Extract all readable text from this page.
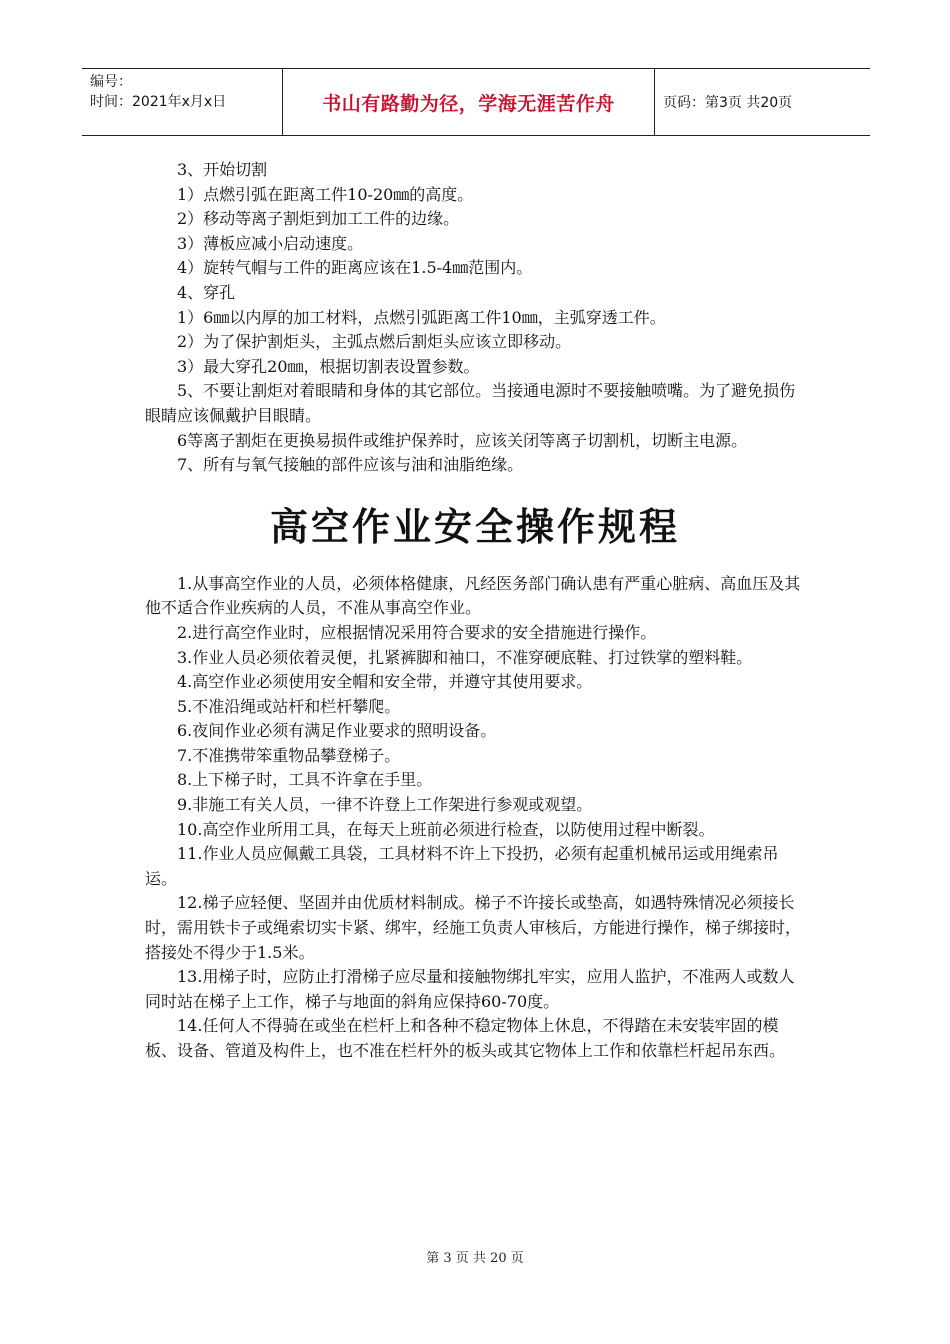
编号：
时间：2021年x月x日	书山有路勤为径，学海无涯苦作舟	页码：第3页 共20页

3、开始切割

1）点燃引弧在距离工件10-20㎜的高度。

2）移动等离子割炬到加工工件的边缘。

3）薄板应减小启动速度。

4）旋转气帽与工件的距离应该在1.5-4㎜范围内。

4、穿孔

1）6㎜以内厚的加工材料，点燃引弧距离工件10㎜，主弧穿透工件。

2）为了保护割炬头，主弧点燃后割炬头应该立即移动。

3）最大穿孔20㎜，根据切割表设置参数。

5、不要让割炬对着眼睛和身体的其它部位。当接通电源时不要接触喷嘴。为了避免损伤眼睛应该佩戴护目眼睛。

6等离子割炬在更换易损件或维护保养时，应该关闭等离子切割机，切断主电源。

7、所有与氧气接触的部件应该与油和油脂绝缘。

高空作业安全操作规程

1.从事高空作业的人员，必须体格健康，凡经医务部门确认患有严重心脏病、高血压及其他不适合作业疾病的人员，不准从事高空作业。

2.进行高空作业时，应根据情况采用符合要求的安全措施进行操作。

3.作业人员必须依着灵便，扎紧裤脚和袖口，不准穿硬底鞋、打过铁掌的塑料鞋。

4.高空作业必须使用安全帽和安全带，并遵守其使用要求。

5.不准沿绳或站杆和栏杆攀爬。

6.夜间作业必须有满足作业要求的照明设备。

7.不准携带笨重物品攀登梯子。

8.上下梯子时，工具不许拿在手里。

9.非施工有关人员，一律不许登上工作架进行参观或观望。

10.高空作业所用工具，在每天上班前必须进行检查，以防使用过程中断裂。

11.作业人员应佩戴工具袋，工具材料不许上下投扔，必须有起重机械吊运或用绳索吊运。

12.梯子应轻便、坚固并由优质材料制成。梯子不许接长或垫高，如遇特殊情况必须接长时，需用铁卡子或绳索切实卡紧、绑牢，经施工负责人审核后，方能进行操作，梯子绑接时，搭接处不得少于1.5米。

13.用梯子时，应防止打滑梯子应尽量和接触物绑扎牢实，应用人监护，不准两人或数人同时站在梯子上工作，梯子与地面的斜角应保持60-70度。

14.任何人不得骑在或坐在栏杆上和各种不稳定物体上休息，不得踏在未安装牢固的模板、设备、管道及构件上，也不准在栏杆外的板头或其它物体上工作和依靠栏杆起吊东西。

第 3 页 共 20 页
